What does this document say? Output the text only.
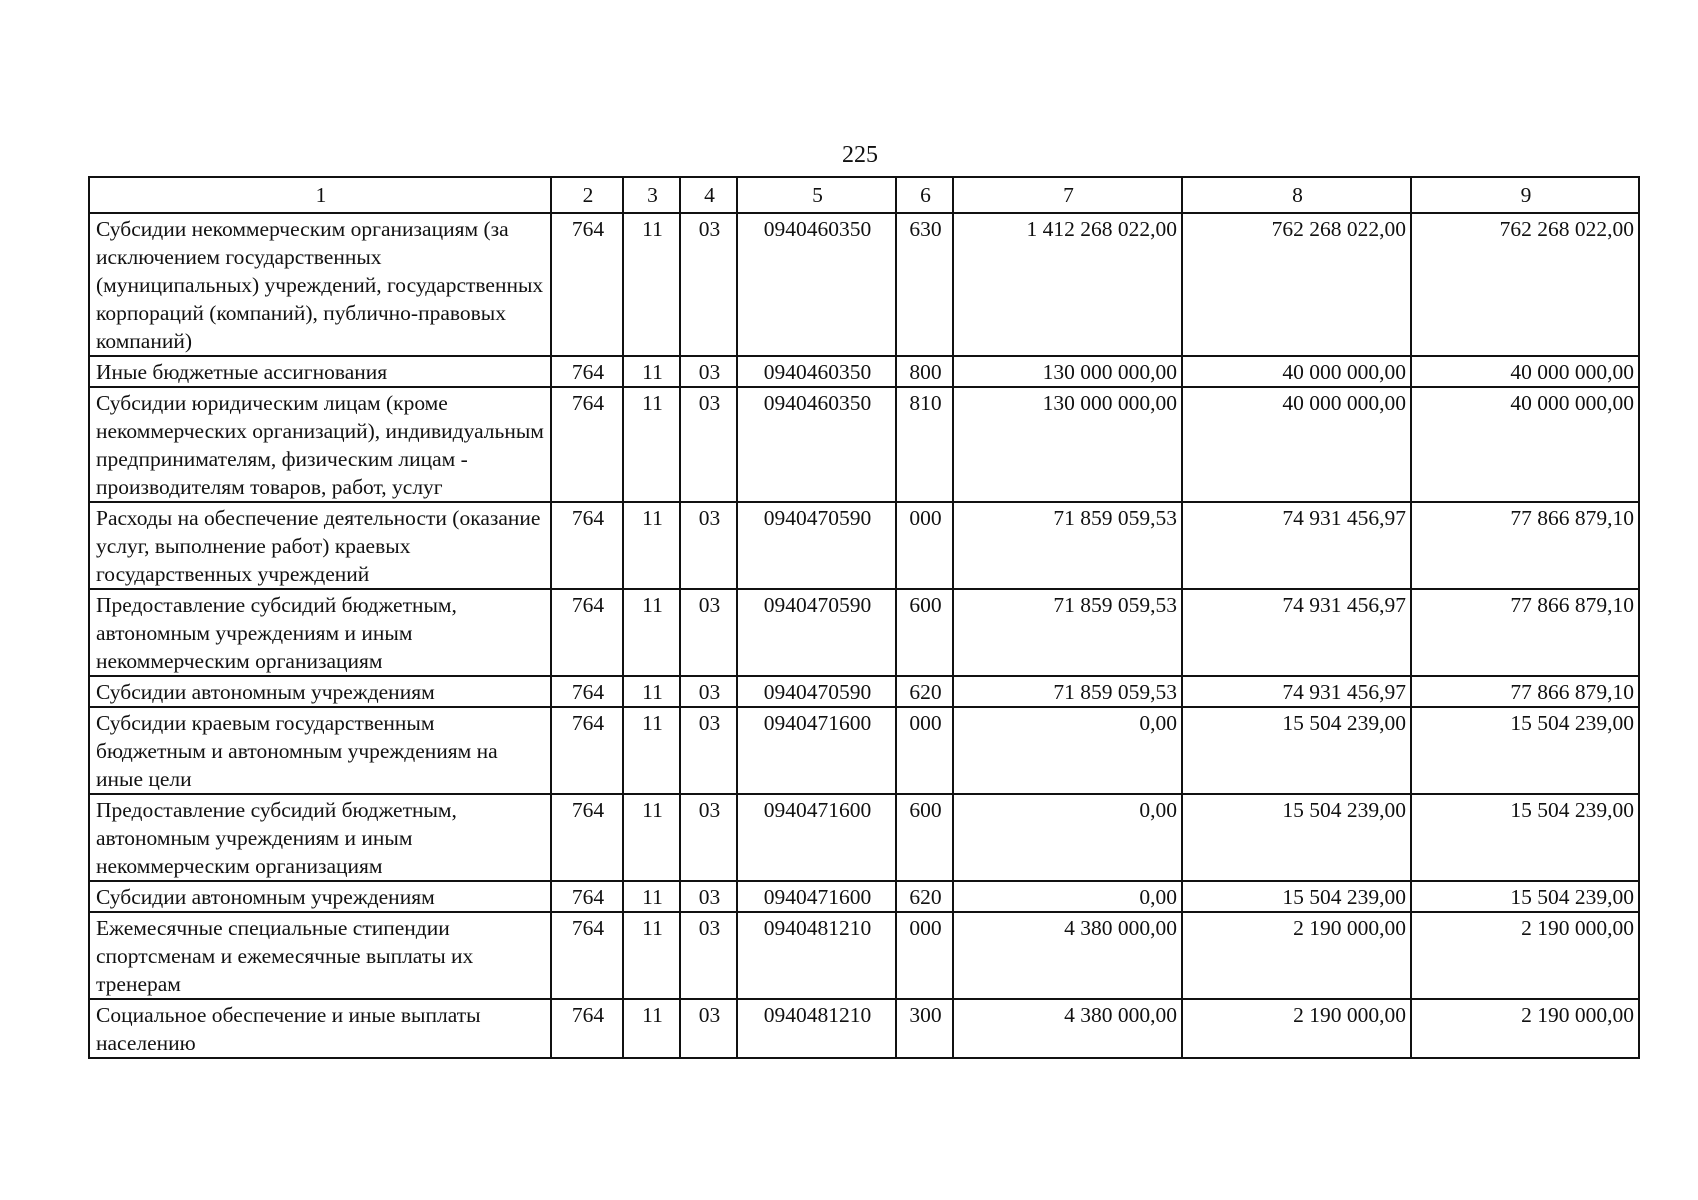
225
1	2	3	4	5	6	7	8	9
Субсидии некоммерческим организациям (за исключением государственных (муниципальных) учреждений, государственных корпораций (компаний), публично-правовых компаний)	764	11	03	0940460350	630	1 412 268 022,00	762 268 022,00	762 268 022,00
Иные бюджетные ассигнования	764	11	03	0940460350	800	130 000 000,00	40 000 000,00	40 000 000,00
Субсидии юридическим лицам (кроме некоммерческих организаций), индивидуальным предпринимателям, физическим лицам - производителям товаров, работ, услуг	764	11	03	0940460350	810	130 000 000,00	40 000 000,00	40 000 000,00
Расходы на обеспечение деятельности (оказание услуг, выполнение работ) краевых государственных учреждений	764	11	03	0940470590	000	71 859 059,53	74 931 456,97	77 866 879,10
Предоставление субсидий бюджетным, автономным учреждениям и иным некоммерческим организациям	764	11	03	0940470590	600	71 859 059,53	74 931 456,97	77 866 879,10
Субсидии автономным учреждениям	764	11	03	0940470590	620	71 859 059,53	74 931 456,97	77 866 879,10
Субсидии краевым государственным бюджетным и автономным учреждениям на иные цели	764	11	03	0940471600	000	0,00	15 504 239,00	15 504 239,00
Предоставление субсидий бюджетным, автономным учреждениям и иным некоммерческим организациям	764	11	03	0940471600	600	0,00	15 504 239,00	15 504 239,00
Субсидии автономным учреждениям	764	11	03	0940471600	620	0,00	15 504 239,00	15 504 239,00
Ежемесячные специальные стипендии спортсменам и ежемесячные выплаты их тренерам	764	11	03	0940481210	000	4 380 000,00	2 190 000,00	2 190 000,00
Социальное обеспечение и иные выплаты населению	764	11	03	0940481210	300	4 380 000,00	2 190 000,00	2 190 000,00
